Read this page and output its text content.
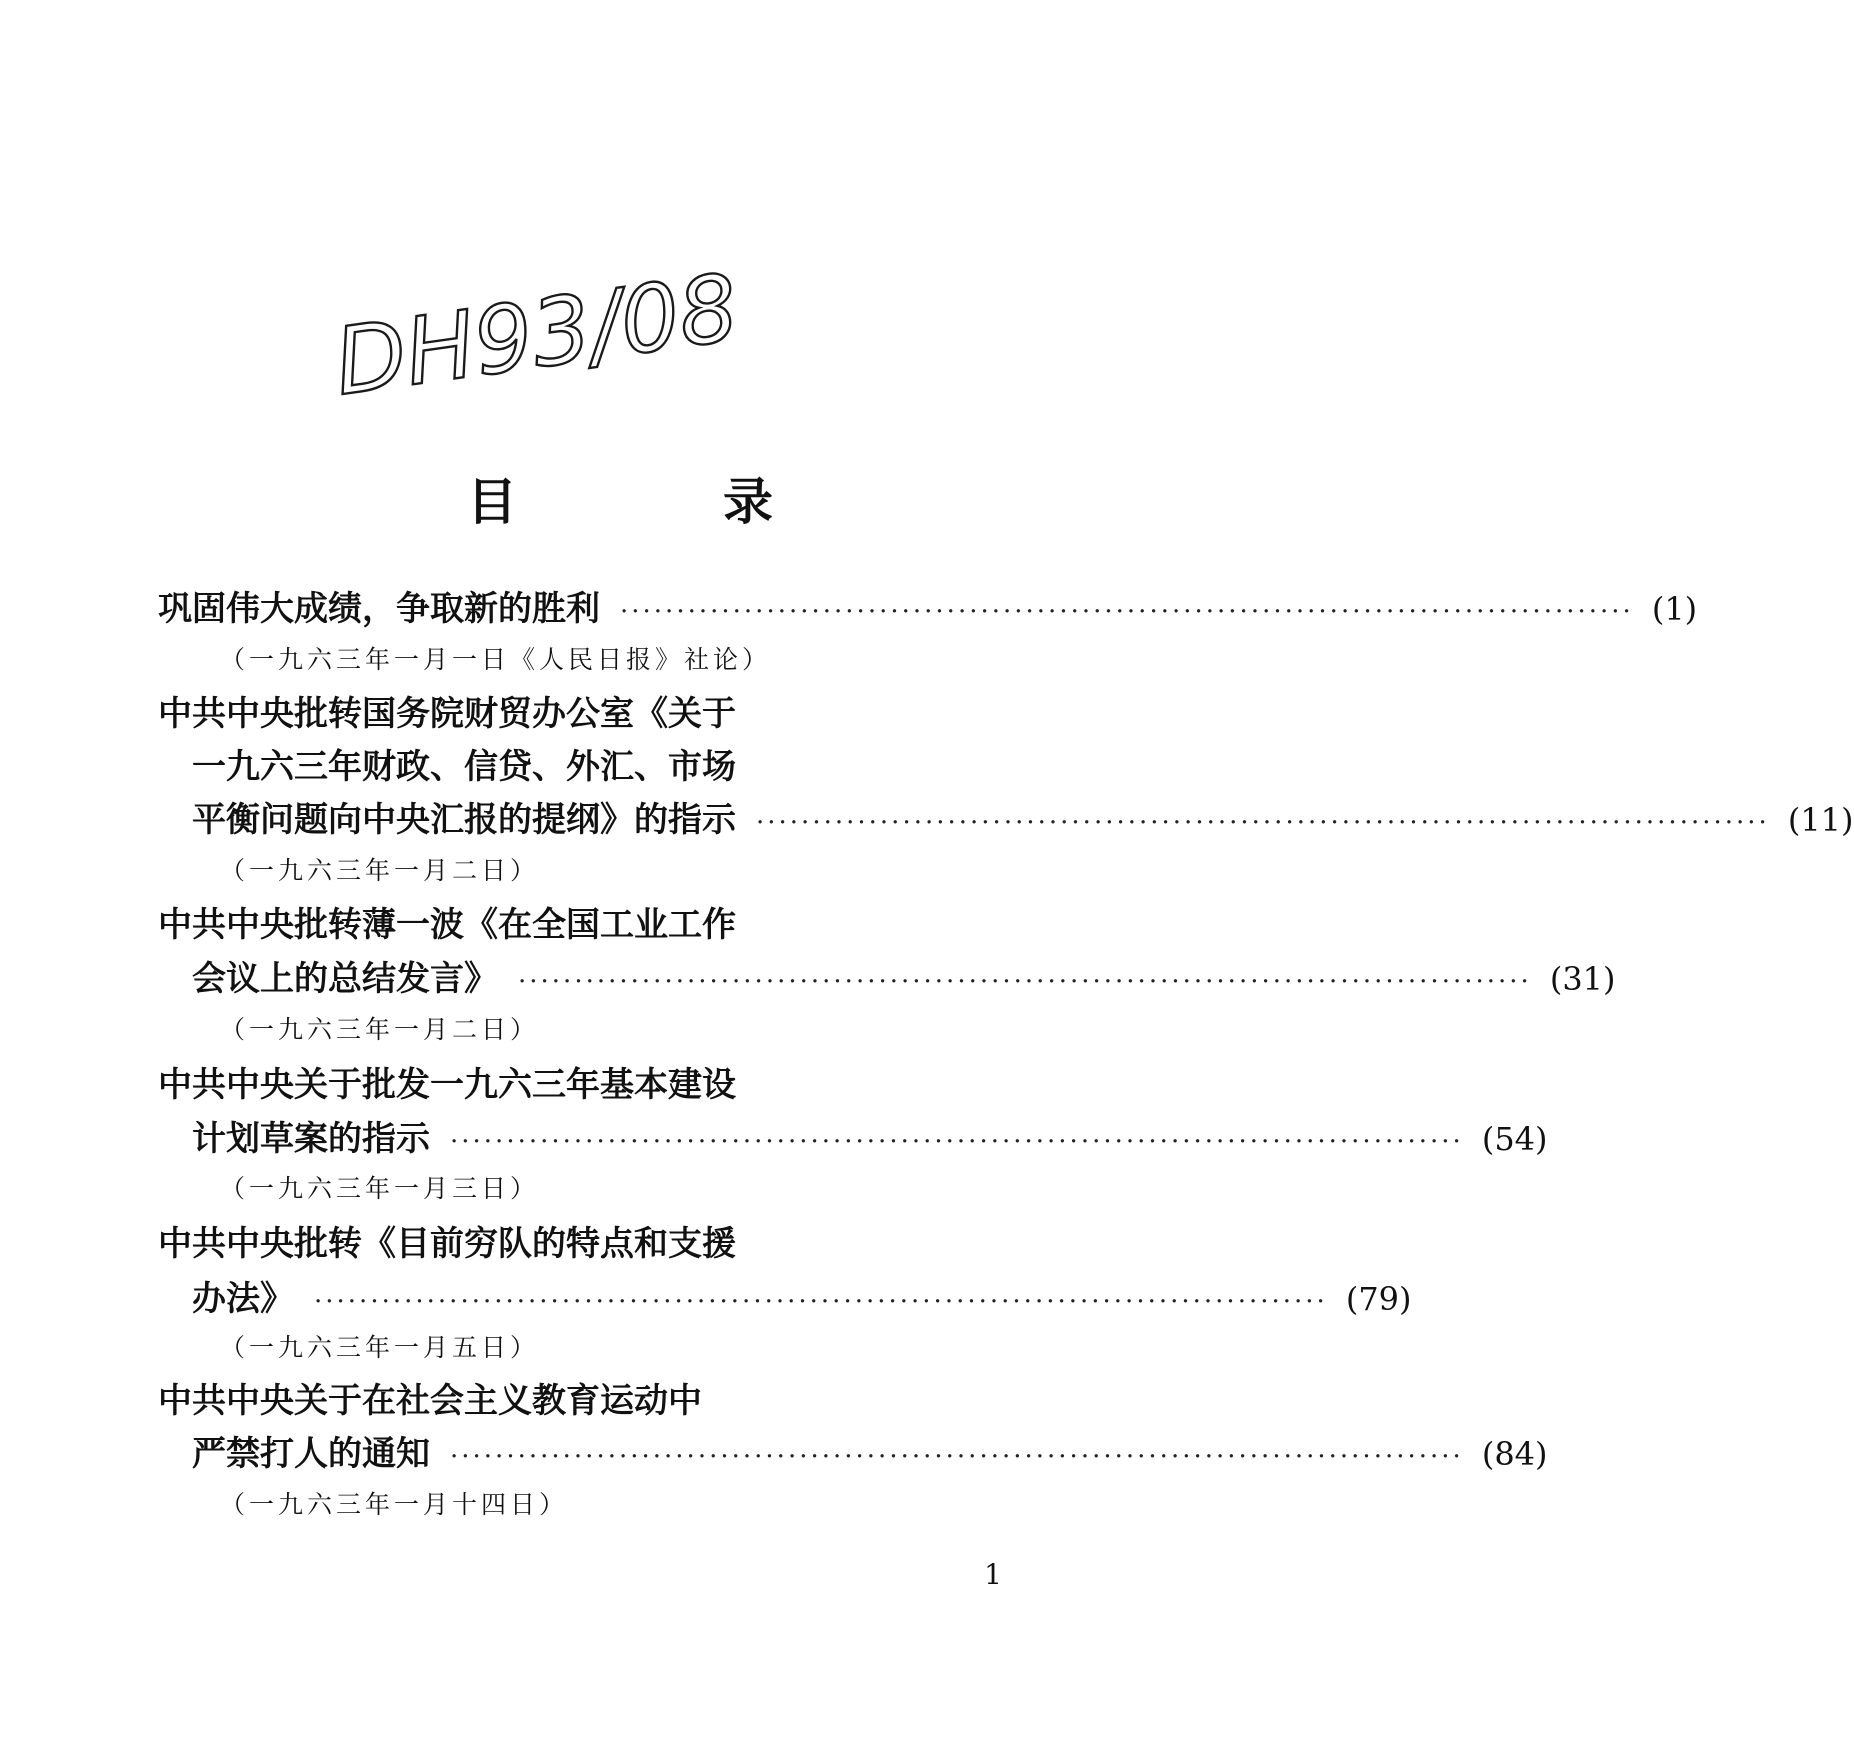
DH93/08
目　录
巩固伟大成绩，争取新的胜利 ·····	(1)
（一九六三年一月一日《人民日报》社论）
中共中央批转国务院财贸办公室《关于
一九六三年财政、信贷、外汇、市场
平衡问题向中央汇报的提纲》的指示 ·····	(11)
（一九六三年一月二日）
中共中央批转薄一波《在全国工业工作
会议上的总结发言》 ·····	(31)
（一九六三年一月二日）
中共中央关于批发一九六三年基本建设
计划草案的指示 ·····	(54)
（一九六三年一月三日）
中共中央批转《目前穷队的特点和支援
办法》 ·····	(79)
（一九六三年一月五日）
中共中央关于在社会主义教育运动中
严禁打人的通知 ·····	(84)
（一九六三年一月十四日）
1
